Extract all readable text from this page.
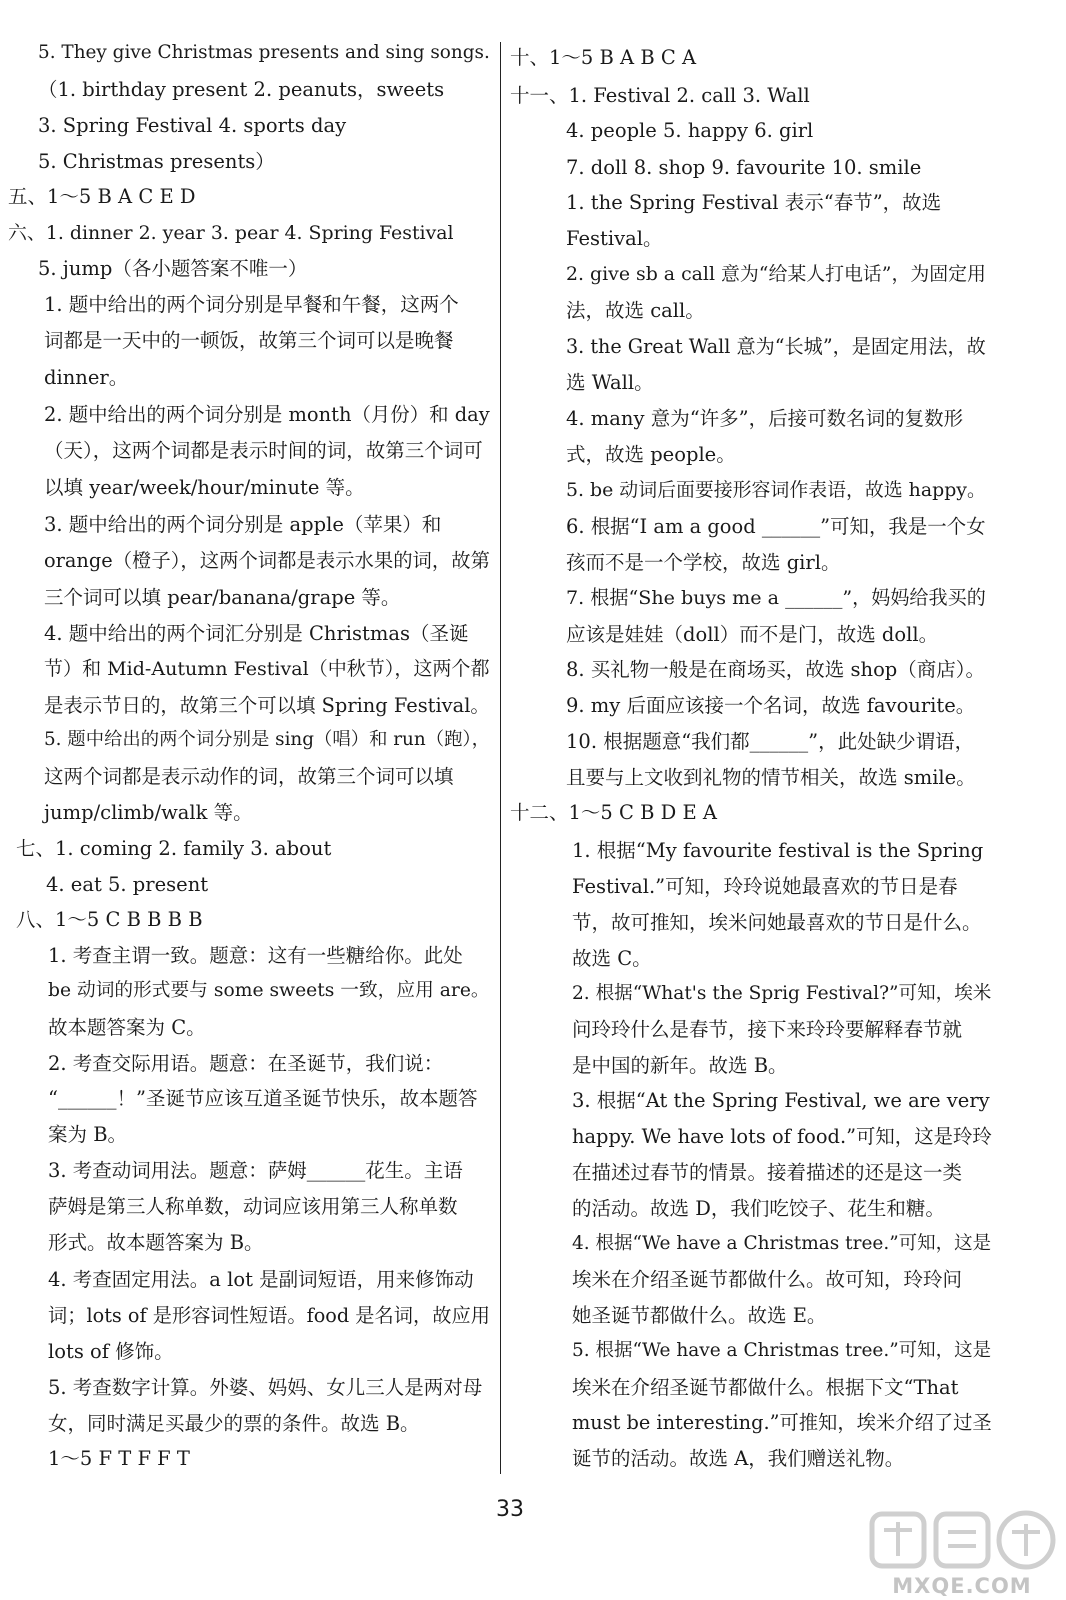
5. They give Christmas presents and sing songs.

（1. birthday present 2. peanuts，sweets

3. Spring Festival 4. sports day

5. Christmas presents）

五、1～5 B A C E D

六、1. dinner 2. year 3. pear 4. Spring Festival

5. jump（各小题答案不唯一）

1. 题中给出的两个词分别是早餐和午餐，这两个

词都是一天中的一顿饭，故第三个词可以是晚餐

dinner。

2. 题中给出的两个词分别是 month（月份）和 day

（天），这两个词都是表示时间的词，故第三个词可

以填 year/week/hour/minute 等。

3. 题中给出的两个词分别是 apple（苹果）和

orange（橙子），这两个词都是表示水果的词，故第

三个词可以填 pear/banana/grape 等。

4. 题中给出的两个词汇分别是 Christmas（圣诞

节）和 Mid-Autumn Festival（中秋节），这两个都

是表示节日的，故第三个可以填 Spring Festival。

5. 题中给出的两个词分别是 sing（唱）和 run（跑），

这两个词都是表示动作的词，故第三个词可以填

jump/climb/walk 等。

七、1. coming 2. family 3. about

4. eat 5. present

八、1～5 C B B B B

1. 考查主谓一致。题意：这有一些糖给你。此处

be 动词的形式要与 some sweets 一致，应用 are。

故本题答案为 C。

2. 考查交际用语。题意：在圣诞节，我们说：

“______！”圣诞节应该互道圣诞节快乐，故本题答

案为 B。

3. 考查动词用法。题意：萨姆______花生。主语

萨姆是第三人称单数，动词应该用第三人称单数

形式。故本题答案为 B。

4. 考查固定用法。a lot 是副词短语，用来修饰动

词；lots of 是形容词性短语。food 是名词，故应用

lots of 修饰。

5. 考查数字计算。外婆、妈妈、女儿三人是两对母

女，同时满足买最少的票的条件。故选 B。

1～5 F T F F T

十、1～5 B A B C A

十一、1. Festival 2. call 3. Wall

4. people 5. happy 6. girl

7. doll 8. shop 9. favourite 10. smile

1. the Spring Festival 表示“春节”，故选

Festival。

2. give sb a call 意为“给某人打电话”，为固定用

法，故选 call。

3. the Great Wall 意为“长城”，是固定用法，故

选 Wall。

4. many 意为“许多”，后接可数名词的复数形

式，故选 people。

5. be 动词后面要接形容词作表语，故选 happy。

6. 根据“I am a good ______”可知，我是一个女

孩而不是一个学校，故选 girl。

7. 根据“She buys me a ______”，妈妈给我买的

应该是娃娃（doll）而不是门，故选 doll。

8. 买礼物一般是在商场买，故选 shop（商店）。

9. my 后面应该接一个名词，故选 favourite。

10. 根据题意“我们都______”，此处缺少谓语，

且要与上文收到礼物的情节相关，故选 smile。

十二、1～5 C B D E A

1. 根据“My favourite festival is the Spring

Festival.”可知，玲玲说她最喜欢的节日是春

节，故可推知，埃米问她最喜欢的节日是什么。

故选 C。

2. 根据“What's the Sprig Festival?”可知，埃米

问玲玲什么是春节，接下来玲玲要解释春节就

是中国的新年。故选 B。

3. 根据“At the Spring Festival, we are very

happy. We have lots of food.”可知，这是玲玲

在描述过春节的情景。接着描述的还是这一类

的活动。故选 D，我们吃饺子、花生和糖。

4. 根据“We have a Christmas tree.”可知，这是

埃米在介绍圣诞节都做什么。故可知，玲玲问

她圣诞节都做什么。故选 E。

5. 根据“We have a Christmas tree.”可知，这是

埃米在介绍圣诞节都做什么。根据下文“That

must be interesting.”可推知，埃米介绍了过圣

诞节的活动。故选 A，我们赠送礼物。

33

MXQE.COM
